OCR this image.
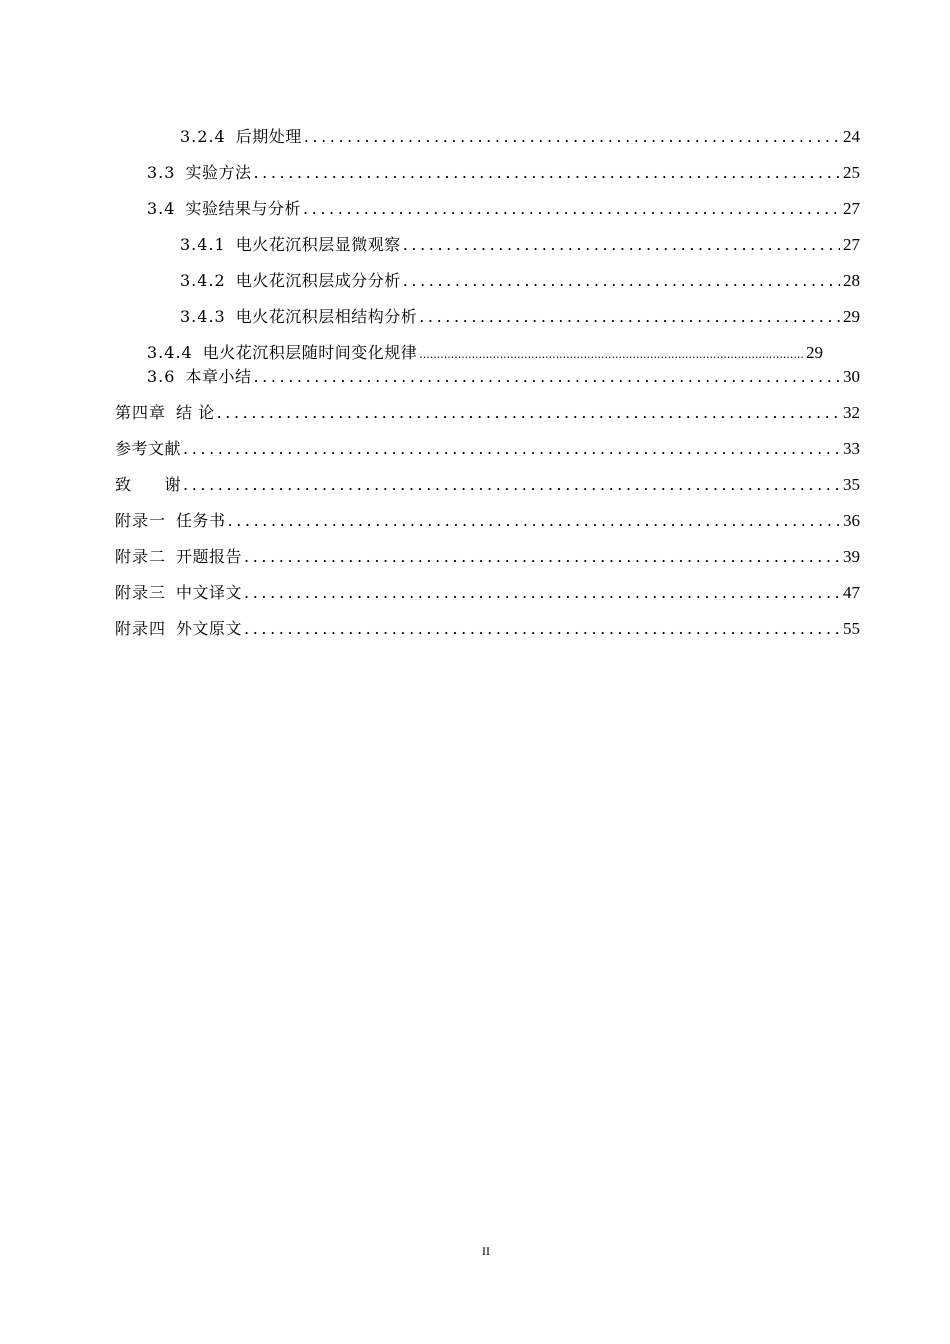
3.2.4 后期处理 .....	24
3.3 实验方法 .....	25
3.4 实验结果与分析 .....	27
3.4.1 电火花沉积层显微观察 .....	27
3.4.2 电火花沉积层成分分析 .....	28
3.4.3 电火花沉积层相结构分析 .....	29
3.4.4 电火花沉积层随时间变化规律 .....	29
3.6 本章小结 .....	30
第四章 结 论 .....	32
参考文献 .....	33
致　　谢 .....	35
附录一 任务书 .....	36
附录二 开题报告 .....	39
附录三 中文译文 .....	47
附录四 外文原文 .....	55
II
